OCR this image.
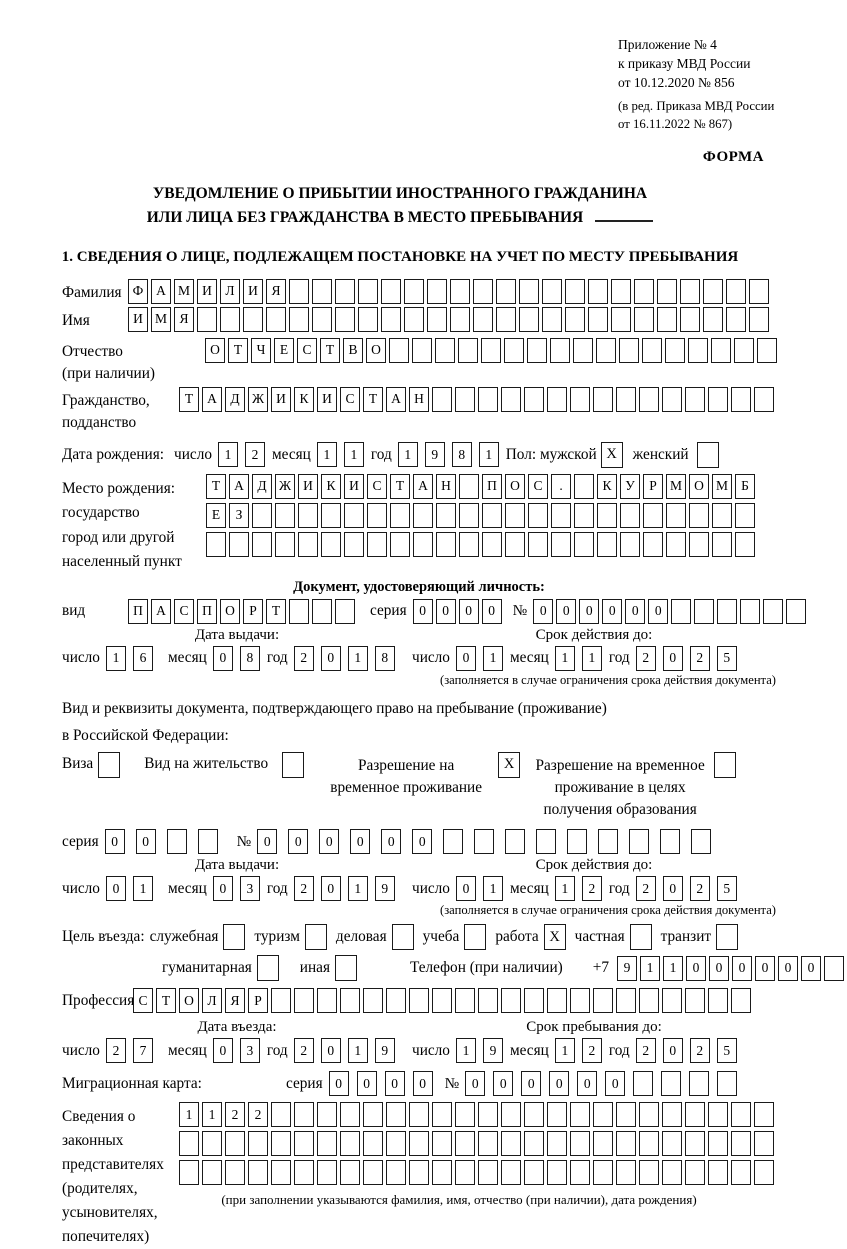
Приложение № 4
к приказу МВД России
от 10.12.2020 № 856
(в ред. Приказа МВД России
от 16.11.2022 № 867)
ФОРМА
УВЕДОМЛЕНИЕ О ПРИБЫТИИ ИНОСТРАННОГО ГРАЖДАНИНА
ИЛИ ЛИЦА БЕЗ ГРАЖДАНСТВА В МЕСТО ПРЕБЫВАНИЯ
1. СВЕДЕНИЯ О ЛИЦЕ, ПОДЛЕЖАЩЕМ ПОСТАНОВКЕ НА УЧЕТ ПО МЕСТУ ПРЕБЫВАНИЯ
Фамилия Ф А М И	Л	И	Я
Имя	И М Я
Отчество
(при наличии)
О	Т	Ч	Е	С	Т	В	О
Гражданство,
подданство
Т	А	Д Ж И	К	И	С	Т	А Н
Дата рождения: число 1	2 месяц 1	1 год 1	9	8	1 Пол: мужской X	женский
Место рождения:
государство
город или другой
населенный пункт
Т	А	Д Ж И	К	И	С	Т	А Н	П О	С	.	К	У	Р М О М Б
Е	З
Документ, удостоверяющий личность:
вид	П А	С	П О	Р	Т	серия 0	0	0	0	№ 0	0	0	0	0	0
Дата выдачи:	Срок действия до:
число 1	6	месяц 0	8 год 2	0	1	8	число 0	1 месяц 1	1 год 2	0	2	5
(заполняется в случае ограничения срока действия документа)
Вид и реквизиты документа, подтверждающего право на пребывание (проживание)
в Российской Федерации:
Виза	Вид на жительство	Разрешение на временное проживание
X	Разрешение на временное проживание в целях получения образования
серия 0	0	№ 0	0	0	0	0	0
Дата выдачи:	Срок действия до:
число 0	1	месяц 0	3 год 2	0	1	9	число 0	1 месяц 1	2 год 2	0	2	5
(заполняется в случае ограничения срока действия документа)
Цель въезда: служебная туризм деловая учеба работа X частная транзит
гуманитарная	иная	Телефон (при наличии) +7	9	1	1	0	0	0	0	0	0
Профессия С	Т	О	Л	Я	Р
Дата въезда:	Срок пребывания до:
число 2	7	месяц 0	3 год 2	0	1	9	число 1	9 месяц 1	2 год 2	0	2	5
Миграционная карта:	серия 0	0	0	0	№ 0	0	0	0	0	0
Сведения о
законных
представителях
(родителях,
усыновителях,
попечителях)
1	1	2	2
(при заполнении указываются фамилия, имя, отчество (при наличии), дата рождения)
